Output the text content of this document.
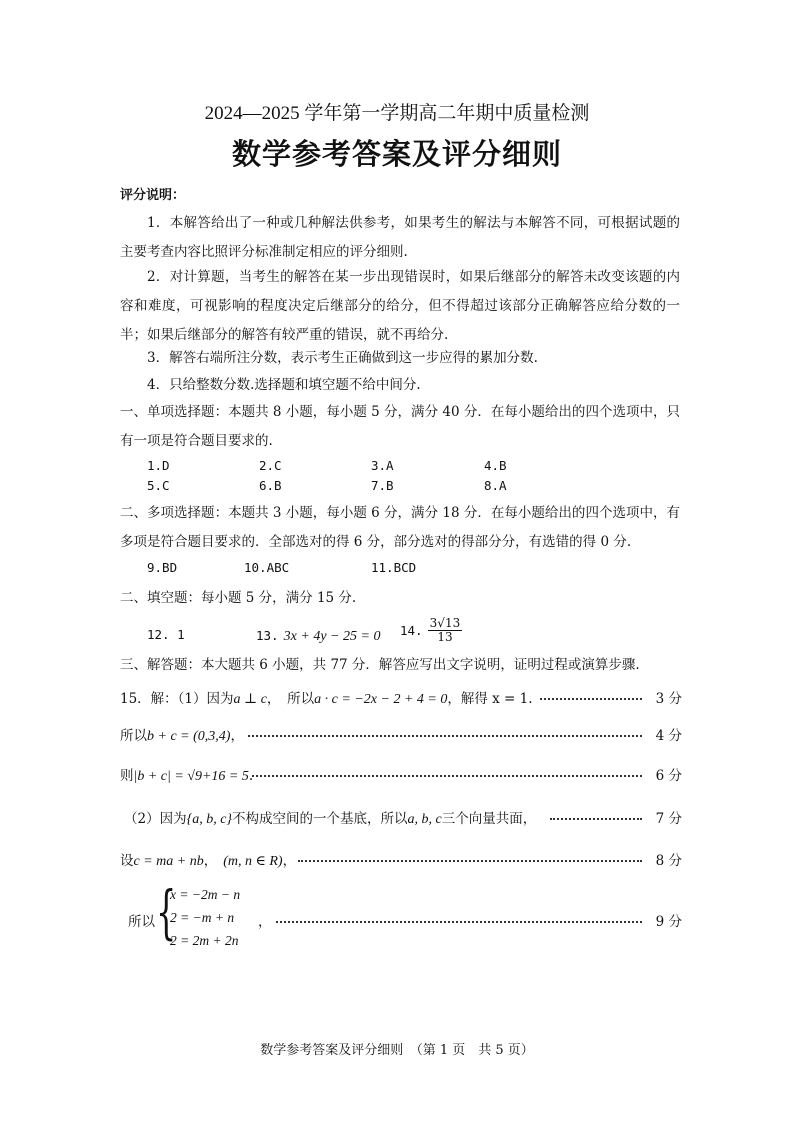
2024—2025 学年第一学期高二年期中质量检测
数学参考答案及评分细则
评分说明：
1．本解答给出了一种或几种解法供参考，如果考生的解法与本解答不同，可根据试题的主要考查内容比照评分标准制定相应的评分细则.
2．对计算题，当考生的解答在某一步出现错误时，如果后继部分的解答未改变该题的内容和难度，可视影响的程度决定后继部分的给分，但不得超过该部分正确解答应给分数的一半；如果后继部分的解答有较严重的错误，就不再给分.
3．解答右端所注分数，表示考生正确做到这一步应得的累加分数.
4．只给整数分数.选择题和填空题不给中间分.
一、单项选择题：本题共 8 小题，每小题 5 分，满分 40 分．在每小题给出的四个选项中，只有一项是符合题目要求的.
1.D	2.C	3.A	4.B
5.C	6.B	7.B	8.A
二、多项选择题：本题共 3 小题，每小题 6 分，满分 18 分．在每小题给出的四个选项中，有多项是符合题目要求的．全部选对的得 6 分，部分选对的得部分分，有选错的得 0 分.
9.BD	10.ABC	11.BCD
二、填空题：每小题 5 分，满分 15 分.
12. 1	13. 3x + 4y − 25 = 0 14. $\frac{3√13}{13}$
三、解答题：本大题共 6 小题，共 77 分．解答应写出文字说明，证明过程或演算步骤.
15．解：（1）因为a ⊥ c，　所以a · c = −2x − 2 + 4 = 0，解得 x = 1.	3 分
所以b + c = (0,3,4)，	4 分
则|b + c| = √9+16 = 5.	6 分
（2）因为{a, b, c}不构成空间的一个基底，所以a, b, c三个向量共面，	7 分
设c = ma + nb， (m, n ∈ R)，	8 分
所以 {
x = −2m − n
2 = −m + n
2 = 2m + 2n
，	9 分
数学参考答案及评分细则　（第 1 页　共 5 页）
